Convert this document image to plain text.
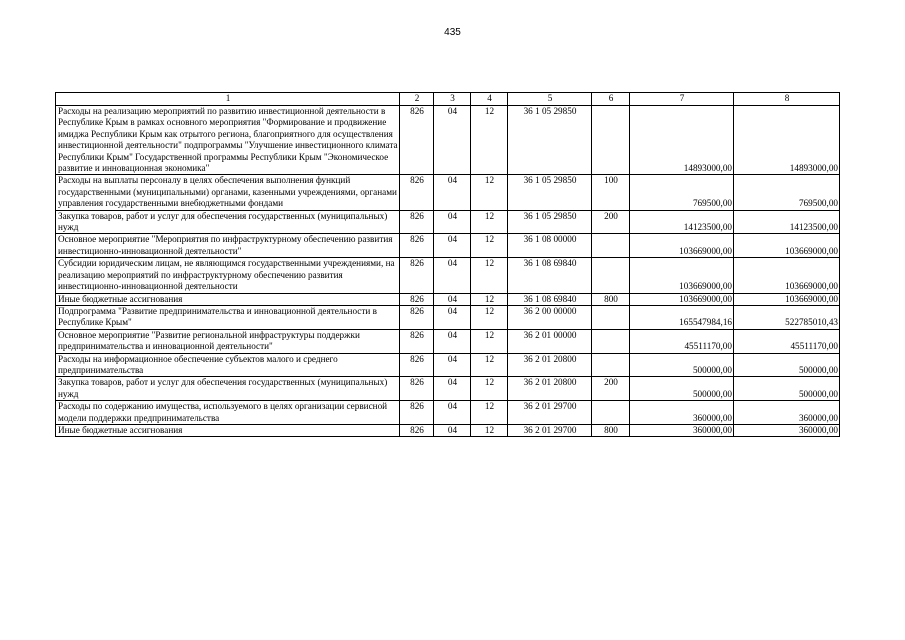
435
1	2	3	4	5	6	7	8
Расходы на реализацию мероприятий по развитию инвестиционной деятельности в Республике Крым в рамках основного мероприятия "Формирование и продвижение имиджа Республики Крым как отрытого региона, благоприятного для осуществления инвестиционной деятельности" подпрограммы "Улучшение инвестиционного климата Республики Крым" Государственной программы Республики Крым "Экономическое развитие и инновационная экономика"	826	04	12	36 1 05 29850		14893000,00	14893000,00
Расходы на выплаты персоналу в целях обеспечения выполнения функций государственными (муниципальными) органами, казенными учреждениями, органами управления государственными внебюджетными фондами	826	04	12	36 1 05 29850	100	769500,00	769500,00
Закупка товаров, работ и услуг для обеспечения государственных (муниципальных) нужд	826	04	12	36 1 05 29850	200	14123500,00	14123500,00
Основное мероприятие "Мероприятия по инфраструктурному обеспечению развития инвестиционно-инновационной деятельности"	826	04	12	36 1 08 00000		103669000,00	103669000,00
Субсидии юридическим лицам, не являющимся государственными учреждениями, на реализацию мероприятий по инфраструктурному обеспечению развития инвестиционно-инновационной деятельности	826	04	12	36 1 08 69840		103669000,00	103669000,00
Иные бюджетные ассигнования	826	04	12	36 1 08 69840	800	103669000,00	103669000,00
Подпрограмма "Развитие предпринимательства и инновационной деятельности в Республике Крым"	826	04	12	36 2 00 00000		165547984,16	522785010,43
Основное мероприятие "Развитие региональной инфраструктуры поддержки предпринимательства и инновационной деятельности"	826	04	12	36 2 01 00000		45511170,00	45511170,00
Расходы на информационное обеспечение субъектов малого и среднего предпринимательства	826	04	12	36 2 01 20800		500000,00	500000,00
Закупка товаров, работ и услуг для обеспечения государственных (муниципальных) нужд	826	04	12	36 2 01 20800	200	500000,00	500000,00
Расходы по содержанию имущества, используемого в целях организации сервисной модели поддержки предпринимательства	826	04	12	36 2 01 29700		360000,00	360000,00
Иные бюджетные ассигнования	826	04	12	36 2 01 29700	800	360000,00	360000,00
